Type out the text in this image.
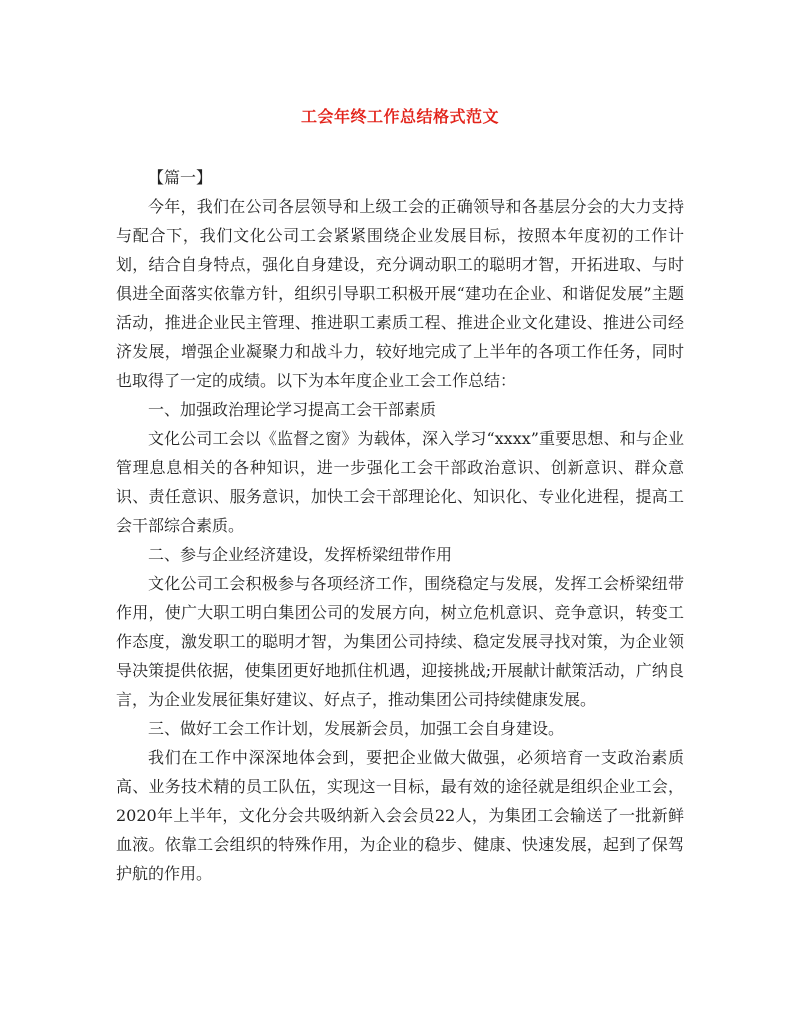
工会年终工作总结格式范文

【篇一】

今年，我们在公司各层领导和上级工会的正确领导和各基层分会的大力支持与配合下，我们文化公司工会紧紧围绕企业发展目标，按照本年度初的工作计划，结合自身特点，强化自身建设，充分调动职工的聪明才智，开拓进取、与时俱进全面落实依靠方针，组织引导职工积极开展“建功在企业、和谐促发展”主题活动，推进企业民主管理、推进职工素质工程、推进企业文化建设、推进公司经济发展，增强企业凝聚力和战斗力，较好地完成了上半年的各项工作任务，同时也取得了一定的成绩。以下为本年度企业工会工作总结：

一、加强政治理论学习提高工会干部素质

文化公司工会以《监督之窗》为载体，深入学习“xxxx”重要思想、和与企业管理息息相关的各种知识，进一步强化工会干部政治意识、创新意识、群众意识、责任意识、服务意识，加快工会干部理论化、知识化、专业化进程，提高工会干部综合素质。

二、参与企业经济建设，发挥桥梁纽带作用

文化公司工会积极参与各项经济工作，围绕稳定与发展，发挥工会桥梁纽带作用，使广大职工明白集团公司的发展方向，树立危机意识、竞争意识，转变工作态度，激发职工的聪明才智，为集团公司持续、稳定发展寻找对策，为企业领导决策提供依据，使集团更好地抓住机遇，迎接挑战;开展献计献策活动，广纳良言，为企业发展征集好建议、好点子，推动集团公司持续健康发展。

三、做好工会工作计划，发展新会员，加强工会自身建设。

我们在工作中深深地体会到，要把企业做大做强，必须培育一支政治素质高、业务技术精的员工队伍，实现这一目标，最有效的途径就是组织企业工会，2020年上半年，文化分会共吸纳新入会会员22人，为集团工会输送了一批新鲜血液。依靠工会组织的特殊作用，为企业的稳步、健康、快速发展，起到了保驾护航的作用。
